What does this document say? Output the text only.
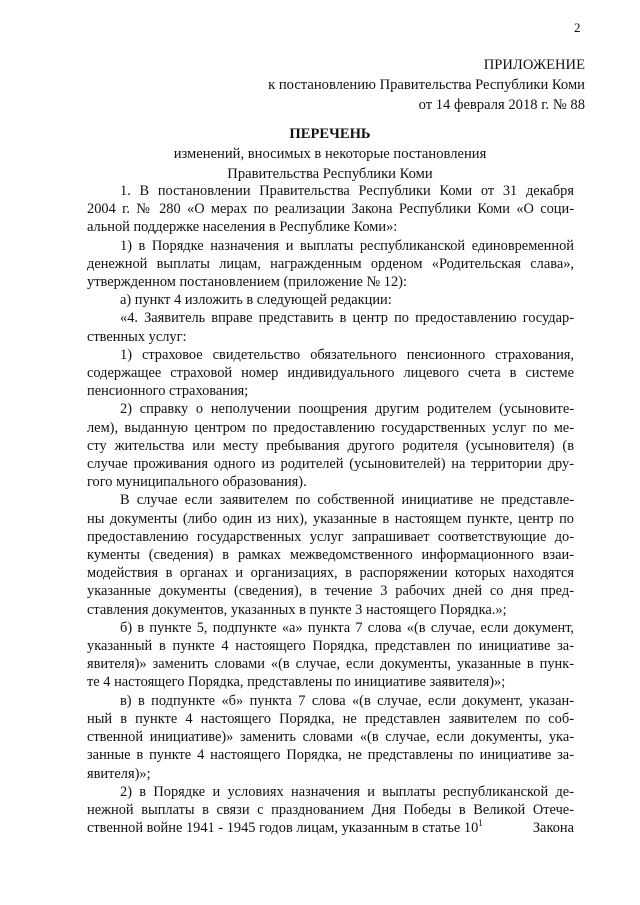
2
ПРИЛОЖЕНИЕ
к постановлению Правительства Республики Коми
от 14 февраля 2018 г. № 88
ПЕРЕЧЕНЬ
изменений, вносимых в некоторые постановления
Правительства Республики Коми

1. В постановлении Правительства Республики Коми от 31 декабря

2004 г. № 280 «О мерах по реализации Закона Республики Коми «О соци-

альной поддержке населения в Республике Коми»:

1) в Порядке назначения и выплаты республиканской единовременной

денежной выплаты лицам, награжденным орденом «Родительская слава»,

утвержденном постановлением (приложение № 12):

а) пункт 4 изложить в следующей редакции:

«4. Заявитель вправе представить в центр по предоставлению государ-

ственных услуг:

1) страховое свидетельство обязательного пенсионного страхования,

содержащее страховой номер индивидуального лицевого счета в системе

пенсионного страхования;

2) справку о неполучении поощрения другим родителем (усыновите-

лем), выданную центром по предоставлению государственных услуг по ме-

сту жительства или месту пребывания другого родителя (усыновителя) (в

случае проживания одного из родителей (усыновителей) на территории дру-

гого муниципального образования).

В случае если заявителем по собственной инициативе не представле-

ны документы (либо один из них), указанные в настоящем пункте, центр по

предоставлению государственных услуг запрашивает соответствующие до-

кументы (сведения) в рамках межведомственного информационного взаи-

модействия в органах и организациях, в распоряжении которых находятся

указанные документы (сведения), в течение 3 рабочих дней со дня пред-

ставления документов, указанных в пункте 3 настоящего Порядка.»;

б) в пункте 5, подпункте «а» пункта 7 слова «(в случае, если документ,

указанный в пункте 4 настоящего Порядка, представлен по инициативе за-

явителя)» заменить словами «(в случае, если документы, указанные в пунк-

те 4 настоящего Порядка, представлены по инициативе заявителя)»;

в) в подпункте «б» пункта 7 слова «(в случае, если документ, указан-

ный в пункте 4 настоящего Порядка, не представлен заявителем по соб-

ственной инициативе)» заменить словами «(в случае, если документы, ука-

занные в пункте 4 настоящего Порядка, не представлены по инициативе за-

явителя)»;

2) в Порядке и условиях назначения и выплаты республиканской де-

нежной выплаты в связи с празднованием Дня Победы в Великой Отече-

ственной войне 1941 - 1945 годов лицам, указанным в статье $10^1$	Закона
